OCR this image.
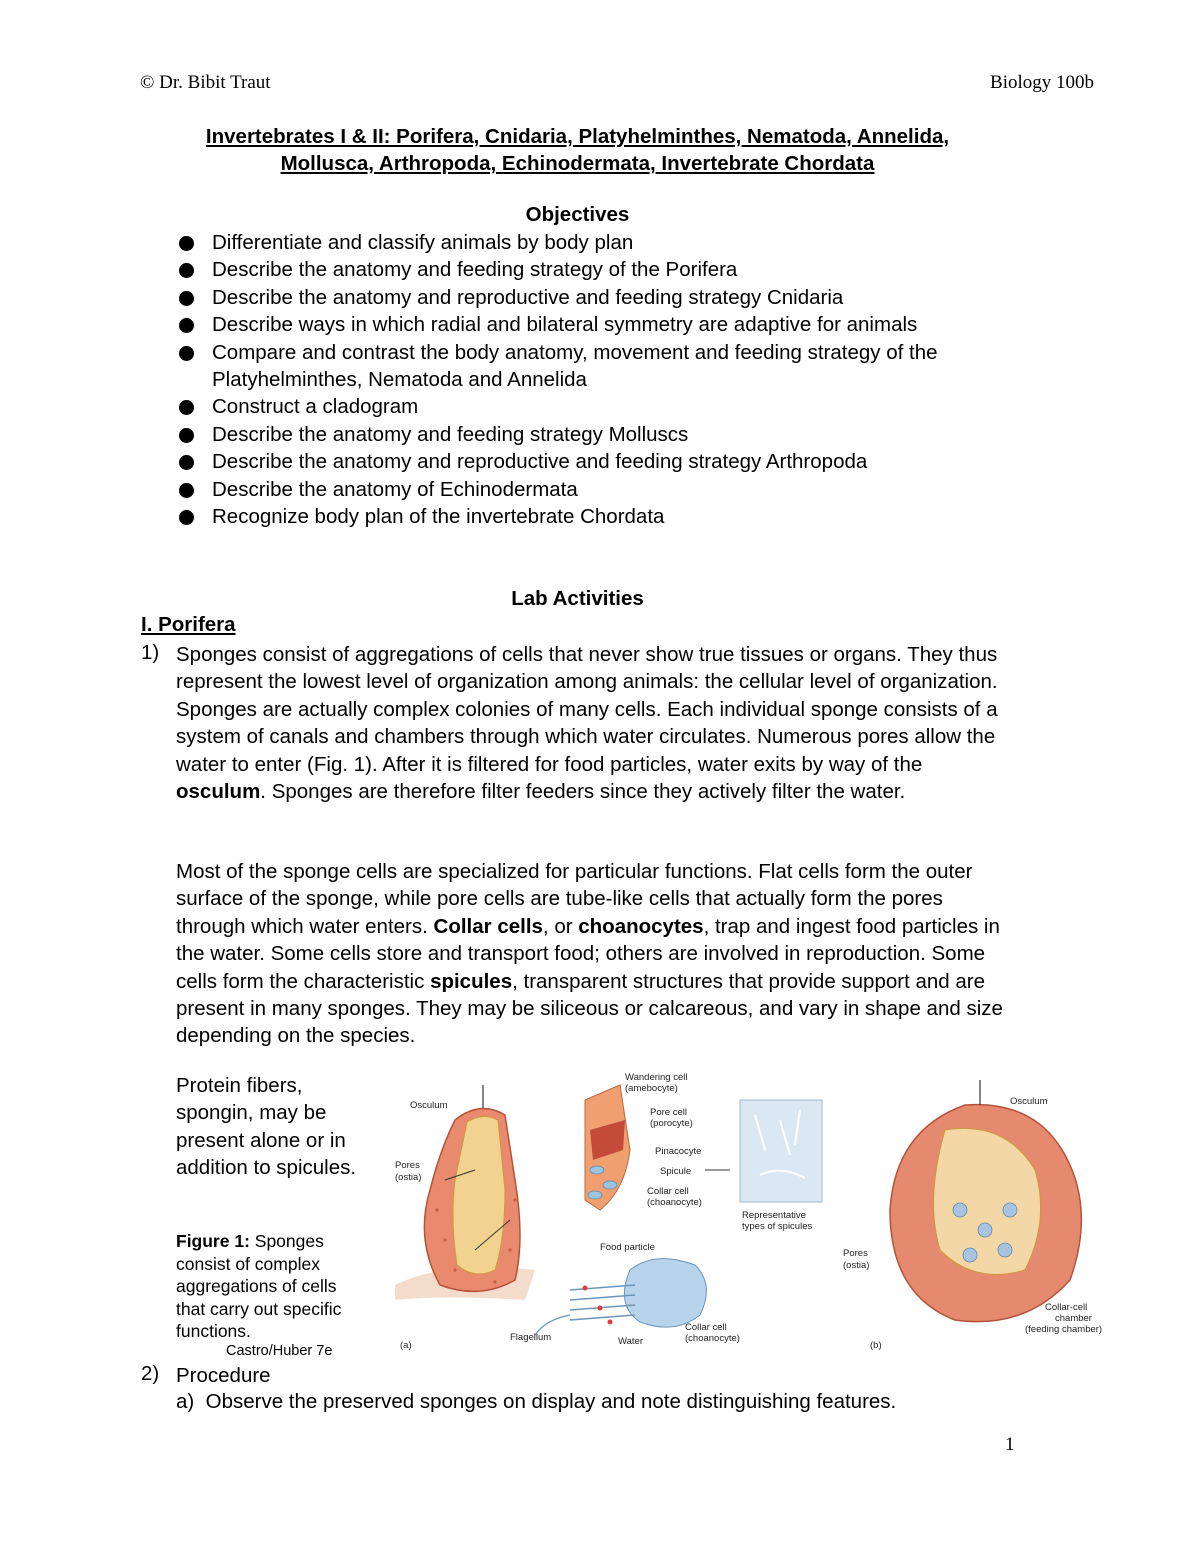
© Dr. Bibit Traut	Biology 100b
Invertebrates I & II: Porifera, Cnidaria, Platyhelminthes, Nematoda, Annelida,
Mollusca, Arthropoda, Echinodermata, Invertebrate Chordata
Objectives
Differentiate and classify animals by body plan
Describe the anatomy and feeding strategy of the Porifera
Describe the anatomy and reproductive and feeding strategy Cnidaria
Describe ways in which radial and bilateral symmetry are adaptive for animals
Compare and contrast the body anatomy, movement and feeding strategy of the Platyhelminthes, Nematoda and Annelida
Construct a cladogram
Describe the anatomy and feeding strategy Molluscs
Describe the anatomy and reproductive and feeding strategy Arthropoda
Describe the anatomy of Echinodermata
Recognize body plan of the invertebrate Chordata
Lab Activities
I. Porifera
1) Sponges consist of aggregations of cells that never show true tissues or organs. They thus represent the lowest level of organization among animals: the cellular level of organization. Sponges are actually complex colonies of many cells. Each individual sponge consists of a system of canals and chambers through which water circulates. Numerous pores allow the water to enter (Fig. 1). After it is filtered for food particles, water exits by way of the osculum. Sponges are therefore filter feeders since they actively filter the water.

Most of the sponge cells are specialized for particular functions. Flat cells form the outer surface of the sponge, while pore cells are tube-like cells that actually form the pores through which water enters. Collar cells, or choanocytes, trap and ingest food particles in the water. Some cells store and transport food; others are involved in reproduction. Some cells form the characteristic spicules, transparent structures that provide support and are present in many sponges. They may be siliceous or calcareous, and vary in shape and size depending on the species.

Protein fibers, spongin, may be present alone or in addition to spicules.
Figure 1: Sponges consist of complex aggregations of cells that carry out specific functions.
Castro/Huber 7e
Osculum
Pores
(ostia)
Wandering cell
(amebocyte)
Pore cell
(porocyte)
Pinacocyte
Spicule
Collar cell
(choanocyte)
Representative
types of spicules
Food particle
Flagellum	Water
Collar cell
(choanocyte)
(a)
Osculum
Pores
(ostia)
Collar-cell
chamber
(feeding chamber)
(b)
2) Procedure
a) Observe the preserved sponges on display and note distinguishing features.
1
